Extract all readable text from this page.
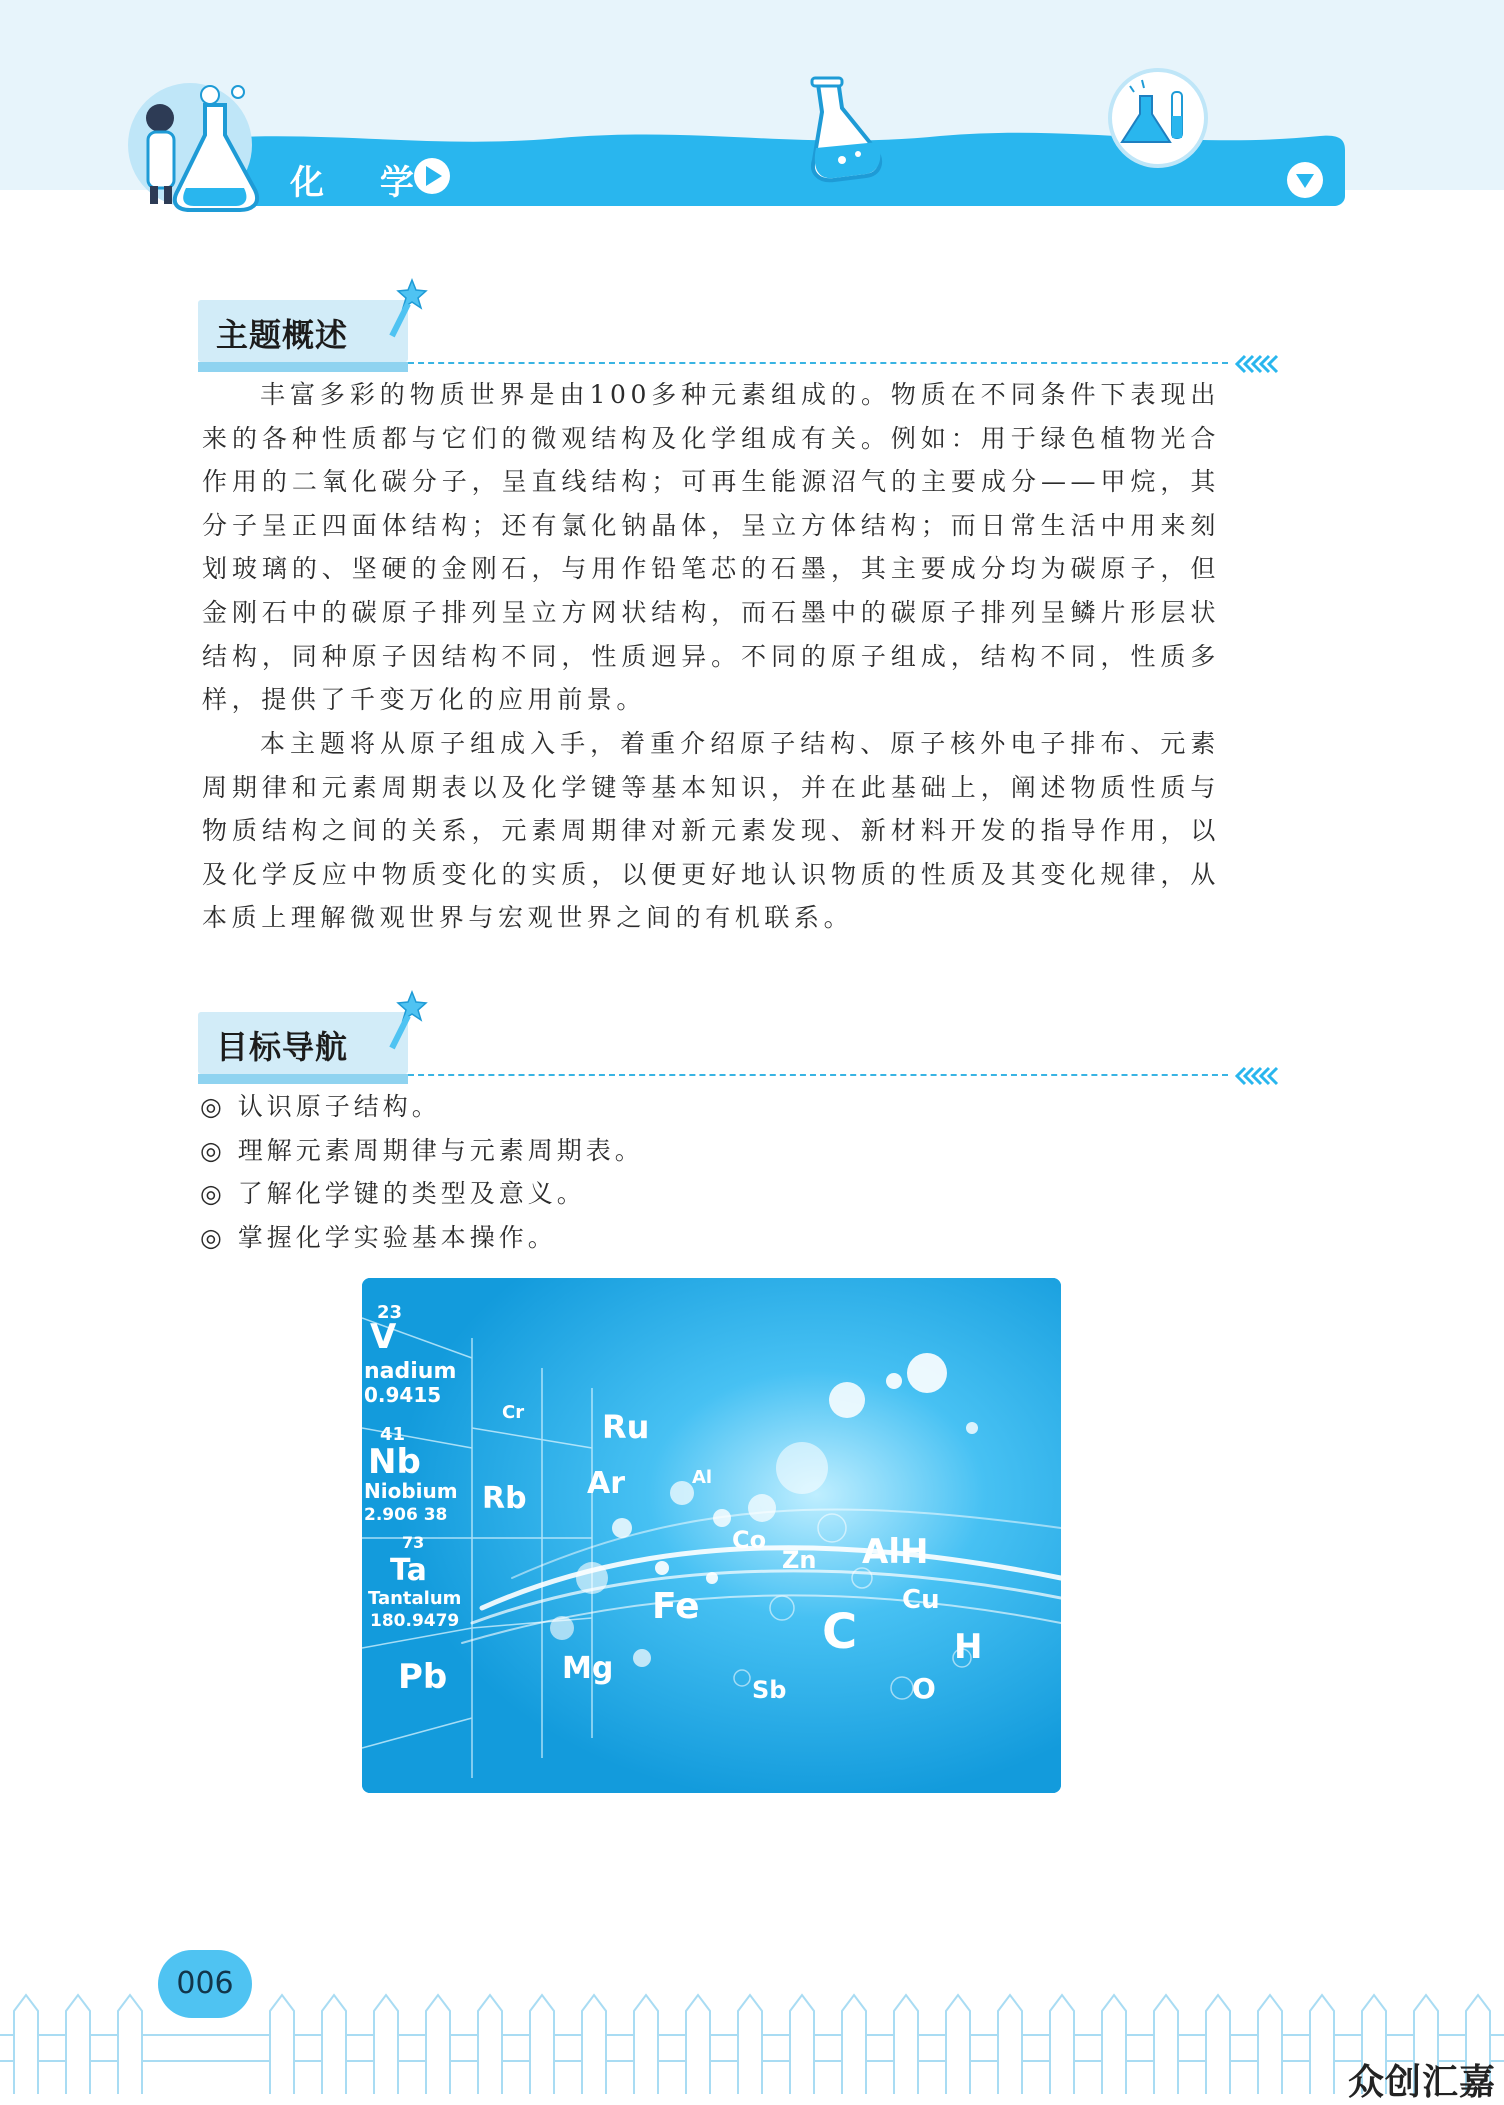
化 学
主题概述

丰富多彩的物质世界是由100多种元素组成的。物质在不同条件下表现出来的各种性质都与它们的微观结构及化学组成有关。例如：用于绿色植物光合作用的二氧化碳分子，呈直线结构；可再生能源沼气的主要成分——甲烷，其分子呈正四面体结构；还有氯化钠晶体，呈立方体结构；而日常生活中用来刻划玻璃的、坚硬的金刚石，与用作铅笔芯的石墨，其主要成分均为碳原子，但金刚石中的碳原子排列呈立方网状结构，而石墨中的碳原子排列呈鳞片形层状结构，同种原子因结构不同，性质迥异。不同的原子组成，结构不同，性质多样，提供了千变万化的应用前景。

本主题将从原子组成入手，着重介绍原子结构、原子核外电子排布、元素周期律和元素周期表以及化学键等基本知识，并在此基础上，阐述物质性质与物质结构之间的关系，元素周期律对新元素发现、新材料开发的指导作用，以及化学反应中物质变化的实质，以便更好地认识物质的性质及其变化规律，从本质上理解微观世界与宏观世界之间的有机联系。

目标导航
◎ 认识原子结构。
◎ 理解元素周期律与元素周期表。
◎ 了解化学键的类型及意义。
◎ 掌握化学实验基本操作。
23
V
nadium
0.9415
41
Nb
Niobium
2.906 38
73
Ta
Tantalum
180.9479
Pb
Cr
Ar	Al
Co
Fe
Zn AlH
Cu
C	H
O
Ru
Rb
Sb
Mg
006
众创汇嘉
